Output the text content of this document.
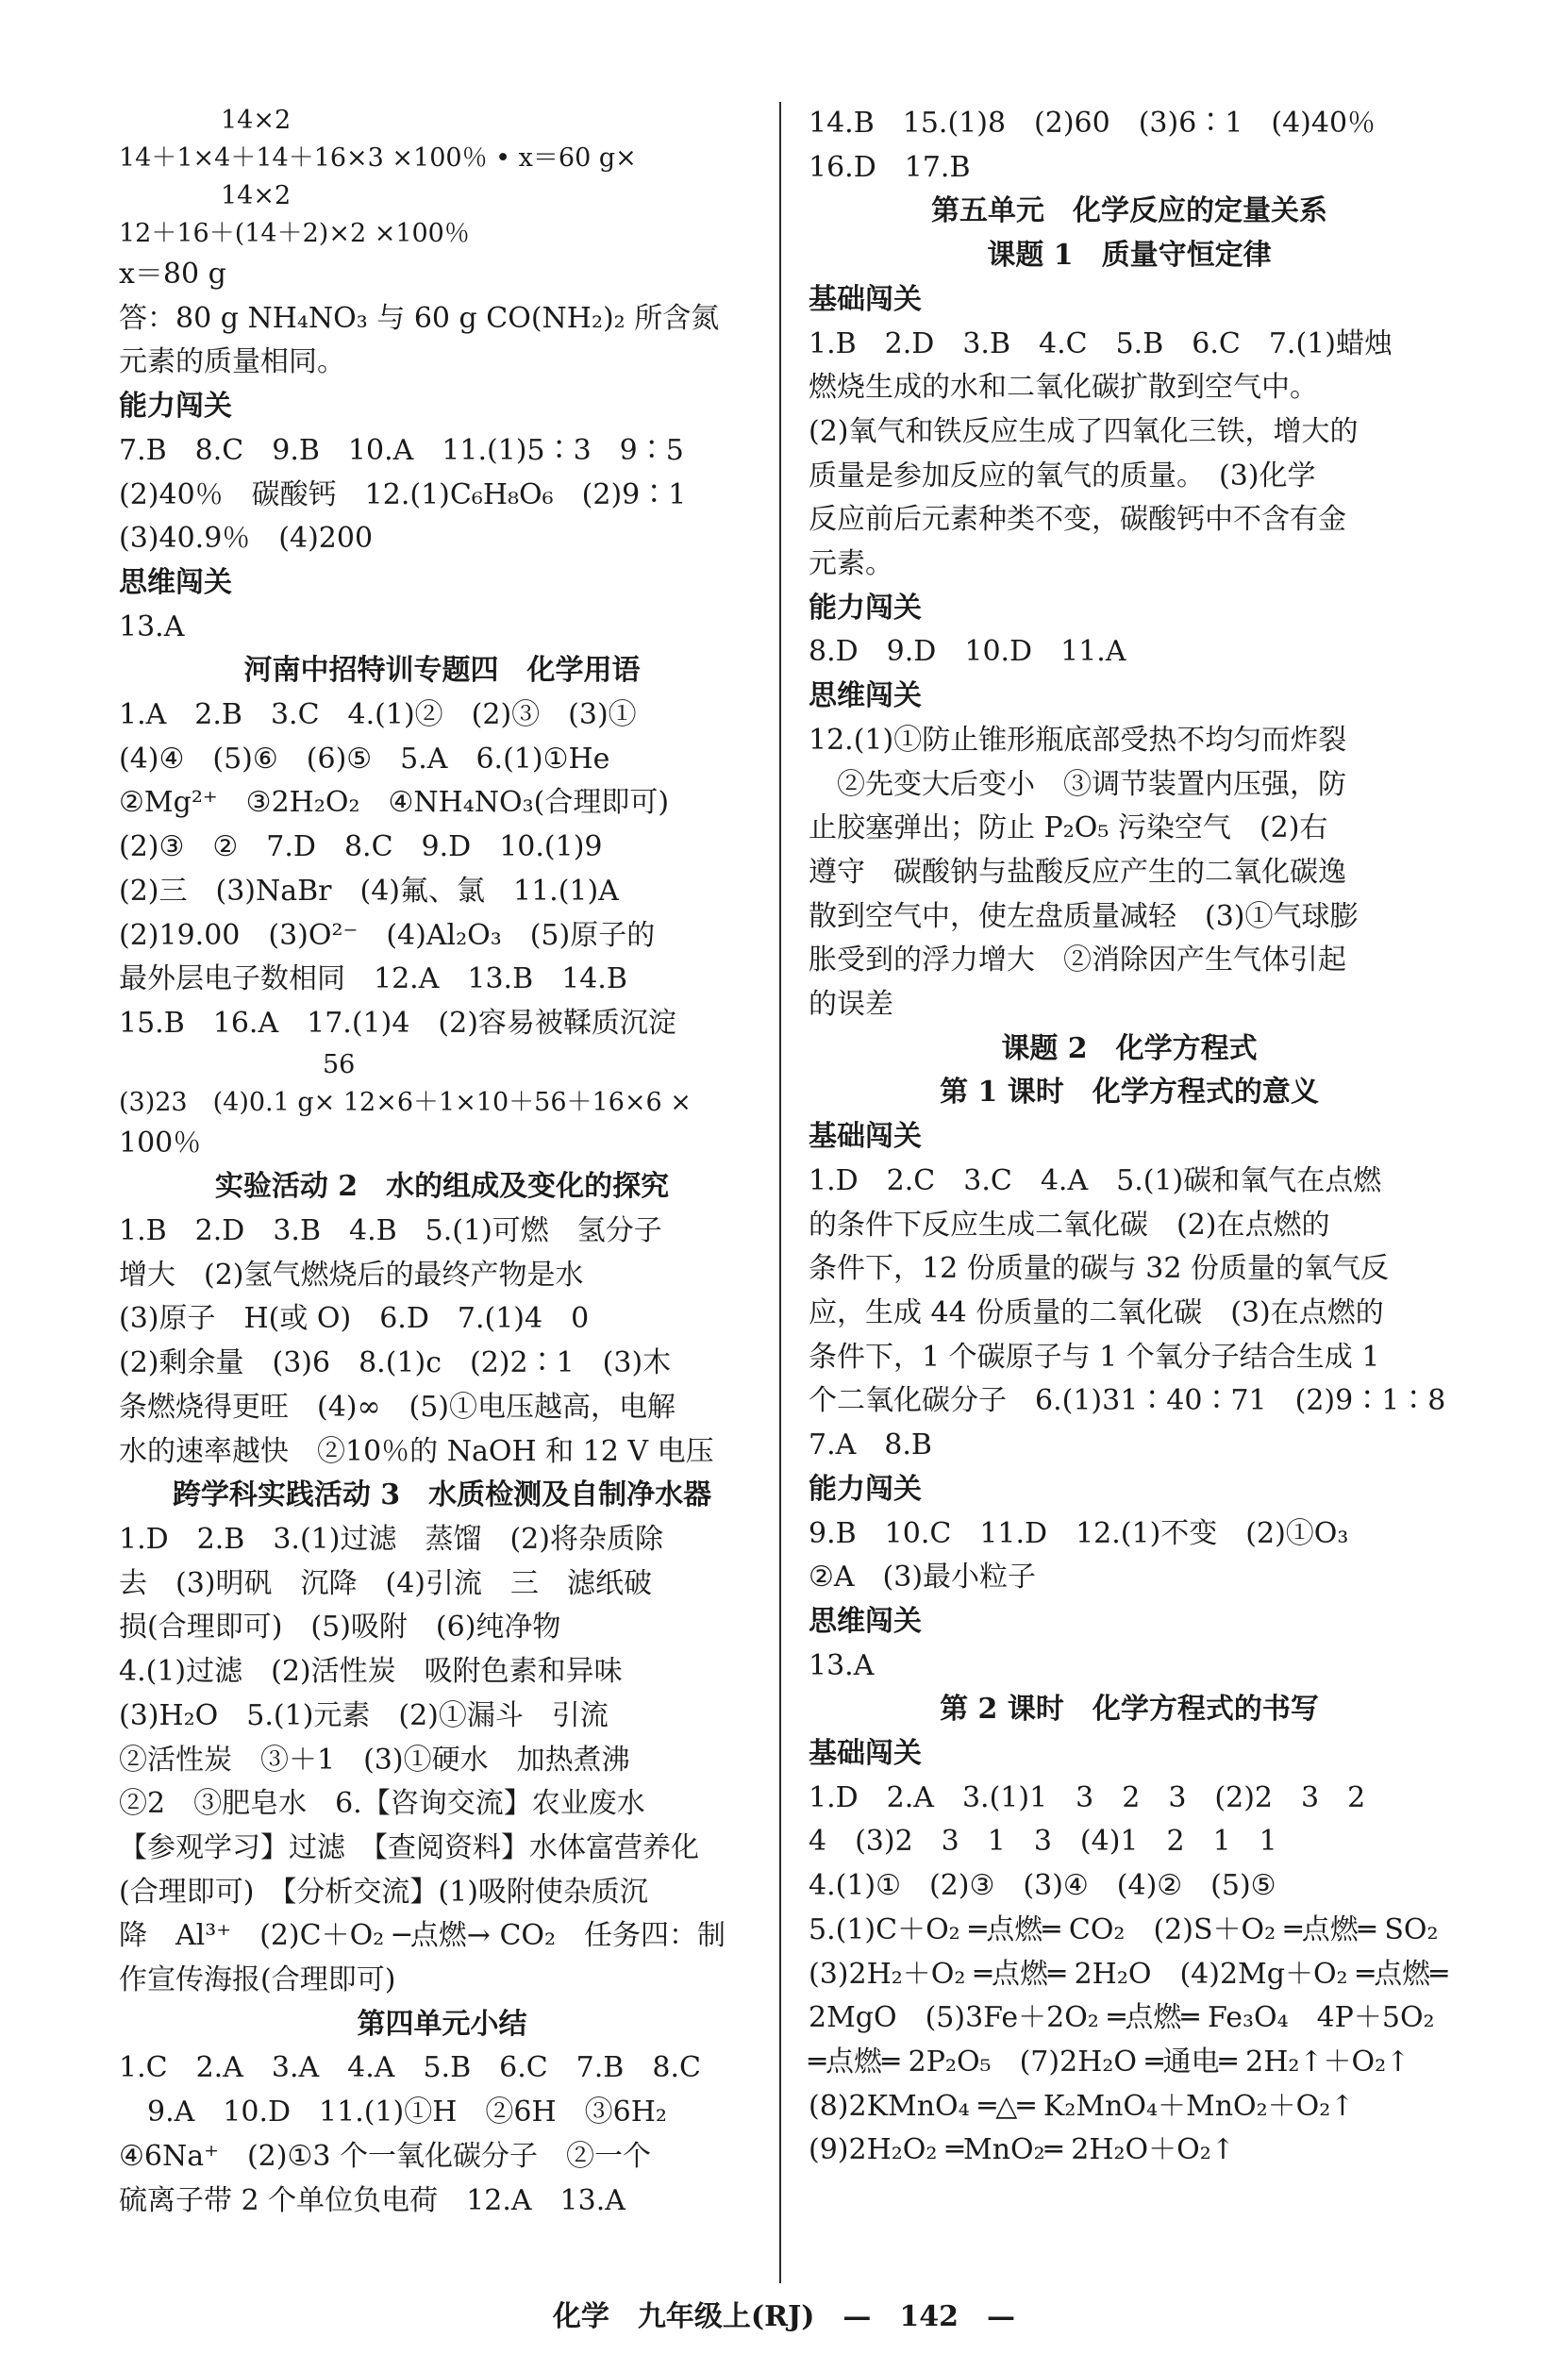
　　　　14×2
14＋1×4＋14＋16×3 ×100％ • x＝60 g×
　　　　14×2
12＋16＋(14＋2)×2 ×100％
x＝80 g
答：80 g NH₄NO₃ 与 60 g CO(NH₂)₂ 所含氮
元素的质量相同。
能力闯关
7.B　8.C　9.B　10.A　11.(1)5∶3　9∶5
(2)40％　碳酸钙　12.(1)C₆H₈O₆　(2)9∶1
(3)40.9％　(4)200
思维闯关
13.A
河南中招特训专题四　化学用语
1.A　2.B　3.C　4.(1)②　(2)③　(3)①
(4)④　(5)⑥　(6)⑤　5.A　6.(1)①He
②Mg²⁺　③2H₂O₂　④NH₄NO₃(合理即可)
(2)③　②　7.D　8.C　9.D　10.(1)9
(2)三　(3)NaBr　(4)氟、氯　11.(1)A
(2)19.00　(3)O²⁻　(4)Al₂O₃　(5)原子的
最外层电子数相同　12.A　13.B　14.B
15.B　16.A　17.(1)4　(2)容易被鞣质沉淀
　　　　　　　　56
(3)23　(4)0.1 g× 12×6＋1×10＋56＋16×6 ×
100％
实验活动 2　水的组成及变化的探究
1.B　2.D　3.B　4.B　5.(1)可燃　氢分子
增大　(2)氢气燃烧后的最终产物是水
(3)原子　H(或 O)　6.D　7.(1)4　0
(2)剩余量　(3)6　8.(1)c　(2)2∶1　(3)木
条燃烧得更旺　(4)∞　(5)①电压越高，电解
水的速率越快　②10％的 NaOH 和 12 V 电压
跨学科实践活动 3　水质检测及自制净水器
1.D　2.B　3.(1)过滤　蒸馏　(2)将杂质除
去　(3)明矾　沉降　(4)引流　三　滤纸破
损(合理即可)　(5)吸附　(6)纯净物
4.(1)过滤　(2)活性炭　吸附色素和异味
(3)H₂O　5.(1)元素　(2)①漏斗　引流
②活性炭　③＋1　(3)①硬水　加热煮沸
②2　③肥皂水　6.【咨询交流】农业废水
【参观学习】过滤　【查阅资料】水体富营养化
(合理即可)　【分析交流】(1)吸附使杂质沉
降　Al³⁺　(2)C＋O₂ ─点燃→ CO₂　任务四：制
作宣传海报(合理即可)
第四单元小结
1.C　2.A　3.A　4.A　5.B　6.C　7.B　8.C
　9.A　10.D　11.(1)①H　②6H　③6H₂
④6Na⁺　(2)①3 个一氧化碳分子　②一个
硫离子带 2 个单位负电荷　12.A　13.A
14.B　15.(1)8　(2)60　(3)6∶1　(4)40％
16.D　17.B
第五单元　化学反应的定量关系
课题 1　质量守恒定律
基础闯关
1.B　2.D　3.B　4.C　5.B　6.C　7.(1)蜡烛
燃烧生成的水和二氧化碳扩散到空气中。
(2)氧气和铁反应生成了四氧化三铁，增大的
质量是参加反应的氧气的质量。　(3)化学
反应前后元素种类不变，碳酸钙中不含有金
元素。
能力闯关
8.D　9.D　10.D　11.A
思维闯关
12.(1)①防止锥形瓶底部受热不均匀而炸裂
　②先变大后变小　③调节装置内压强，防
止胶塞弹出；防止 P₂O₅ 污染空气　(2)右
遵守　碳酸钠与盐酸反应产生的二氧化碳逸
散到空气中，使左盘质量减轻　(3)①气球膨
胀受到的浮力增大　②消除因产生气体引起
的误差
课题 2　化学方程式
第 1 课时　化学方程式的意义
基础闯关
1.D　2.C　3.C　4.A　5.(1)碳和氧气在点燃
的条件下反应生成二氧化碳　(2)在点燃的
条件下，12 份质量的碳与 32 份质量的氧气反
应，生成 44 份质量的二氧化碳　(3)在点燃的
条件下，1 个碳原子与 1 个氧分子结合生成 1
个二氧化碳分子　6.(1)31∶40∶71　(2)9∶1∶8
7.A　8.B
能力闯关
9.B　10.C　11.D　12.(1)不变　(2)①O₃
②A　(3)最小粒子
思维闯关
13.A
第 2 课时　化学方程式的书写
基础闯关
1.D　2.A　3.(1)1　3　2　3　(2)2　3　2
4　(3)2　3　1　3　(4)1　2　1　1
4.(1)①　(2)③　(3)④　(4)②　(5)⑤
5.(1)C＋O₂ ═点燃═ CO₂　(2)S＋O₂ ═点燃═ SO₂
(3)2H₂＋O₂ ═点燃═ 2H₂O　(4)2Mg＋O₂ ═点燃═
2MgO　(5)3Fe＋2O₂ ═点燃═ Fe₃O₄　4P＋5O₂
═点燃═ 2P₂O₅　(7)2H₂O ═通电═ 2H₂↑＋O₂↑
(8)2KMnO₄ ═△═ K₂MnO₄＋MnO₂＋O₂↑
(9)2H₂O₂ ═MnO₂═ 2H₂O＋O₂↑
化学　九年级上(RJ)　—　142　—
